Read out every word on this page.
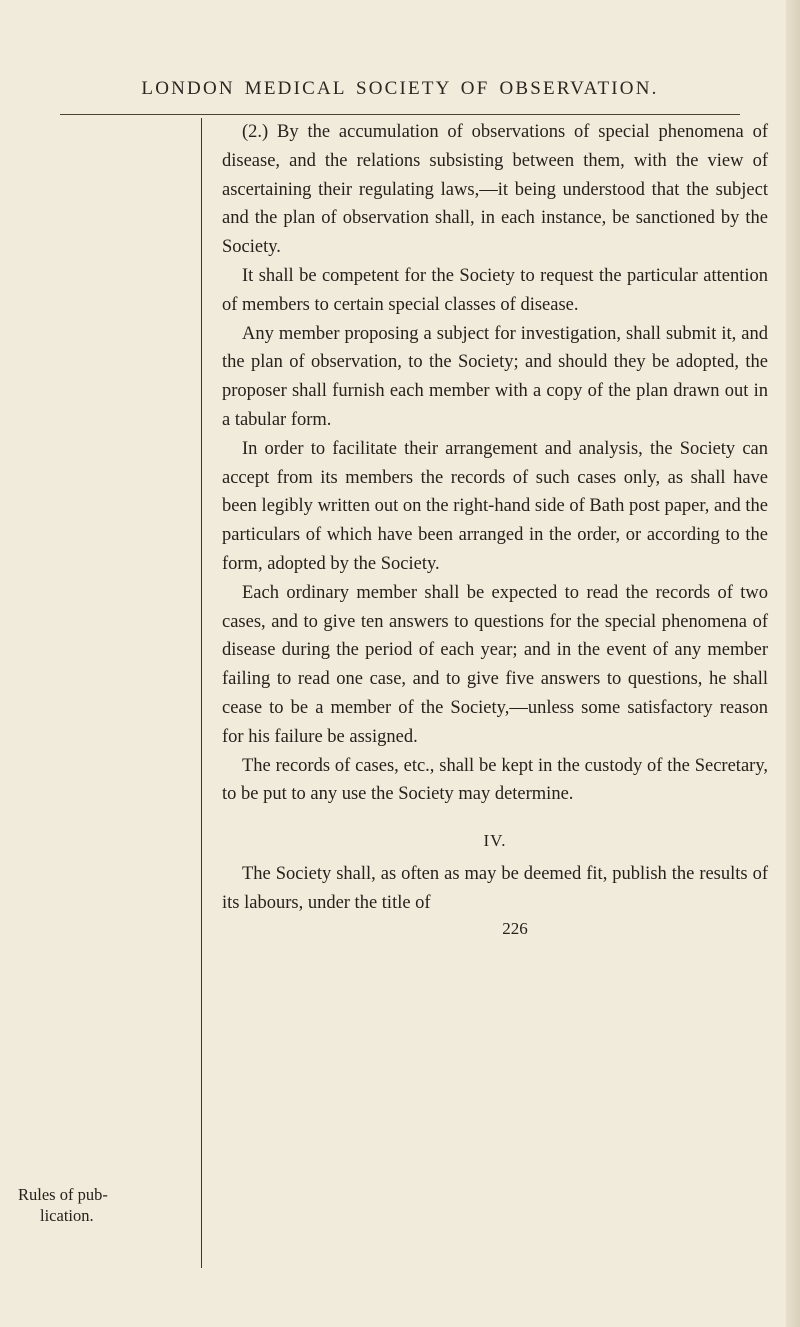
LONDON MEDICAL SOCIETY OF OBSERVATION.
Rules of pub-
lication.

(2.) By the accumulation of observations of special phenomena of disease, and the relations subsisting between them, with the view of ascertaining their regulating laws,—it being understood that the subject and the plan of observation shall, in each instance, be sanctioned by the Society.

It shall be competent for the Society to request the particular attention of members to certain special classes of disease.

Any member proposing a subject for investigation, shall submit it, and the plan of observation, to the Society; and should they be adopted, the proposer shall furnish each member with a copy of the plan drawn out in a tabular form.

In order to facilitate their arrangement and analysis, the Society can accept from its members the records of such cases only, as shall have been legibly written out on the right-hand side of Bath post paper, and the particulars of which have been arranged in the order, or according to the form, adopted by the Society.

Each ordinary member shall be expected to read the records of two cases, and to give ten answers to questions for the special phenomena of disease during the period of each year; and in the event of any member failing to read one case, and to give five answers to questions, he shall cease to be a member of the Society,—unless some satisfactory reason for his failure be assigned.

The records of cases, etc., shall be kept in the custody of the Secretary, to be put to any use the Society may determine.

IV.

The Society shall, as often as may be deemed fit, publish the results of its labours, under the title of

226
